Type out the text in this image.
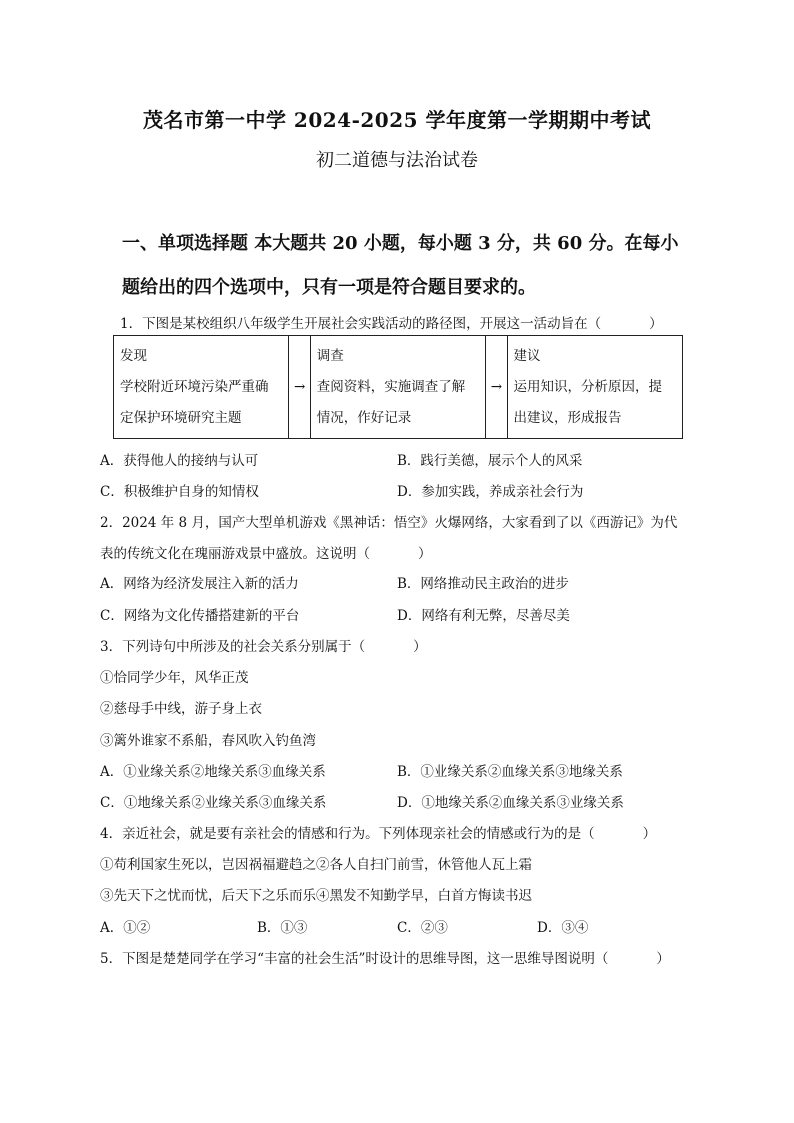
茂名市第一中学 2024-2025 学年度第一学期期中考试
初二道德与法治试卷
一、单项选择题 本大题共 20 小题，每小题 3 分，共 60 分。在每小
题给出的四个选项中，只有一项是符合题目要求的。
1．下图是某校组织八年级学生开展社会实践活动的路径图，开展这一活动旨在（	）
发现
学校附近环境污染严重确
定保护环境研究主题
	→	
调查
查阅资料，实施调查了解
情况，作好记录
	→	
建议
运用知识，分析原因，提
出建议，形成报告
A．获得他人的接纳与认可	B．践行美德，展示个人的风采
C．积极维护自身的知情权	D．参加实践，养成亲社会行为
2．2024 年 8 月，国产大型单机游戏《黑神话：悟空》火爆网络，大家看到了以《西游记》为代
表的传统文化在瑰丽游戏景中盛放。这说明（	）
A．网络为经济发展注入新的活力	B．网络推动民主政治的进步
C．网络为文化传播搭建新的平台	D．网络有利无弊，尽善尽美
3．下列诗句中所涉及的社会关系分别属于（	）
①恰同学少年，风华正茂
②慈母手中线，游子身上衣
③篱外谁家不系船，春风吹入钓鱼湾
A．①业缘关系②地缘关系③血缘关系	B．①业缘关系②血缘关系③地缘关系
C．①地缘关系②业缘关系③血缘关系	D．①地缘关系②血缘关系③业缘关系
4．亲近社会，就是要有亲社会的情感和行为。下列体现亲社会的情感或行为的是（	）
①苟利国家生死以，岂因祸福避趋之②各人自扫门前雪，休管他人瓦上霜
③先天下之忧而忧，后天下之乐而乐④黑发不知勤学早，白首方悔读书迟
A．①②	B．①③	C．②③	D．③④
5．下图是楚楚同学在学习“丰富的社会生活”时设计的思维导图，这一思维导图说明（	）
